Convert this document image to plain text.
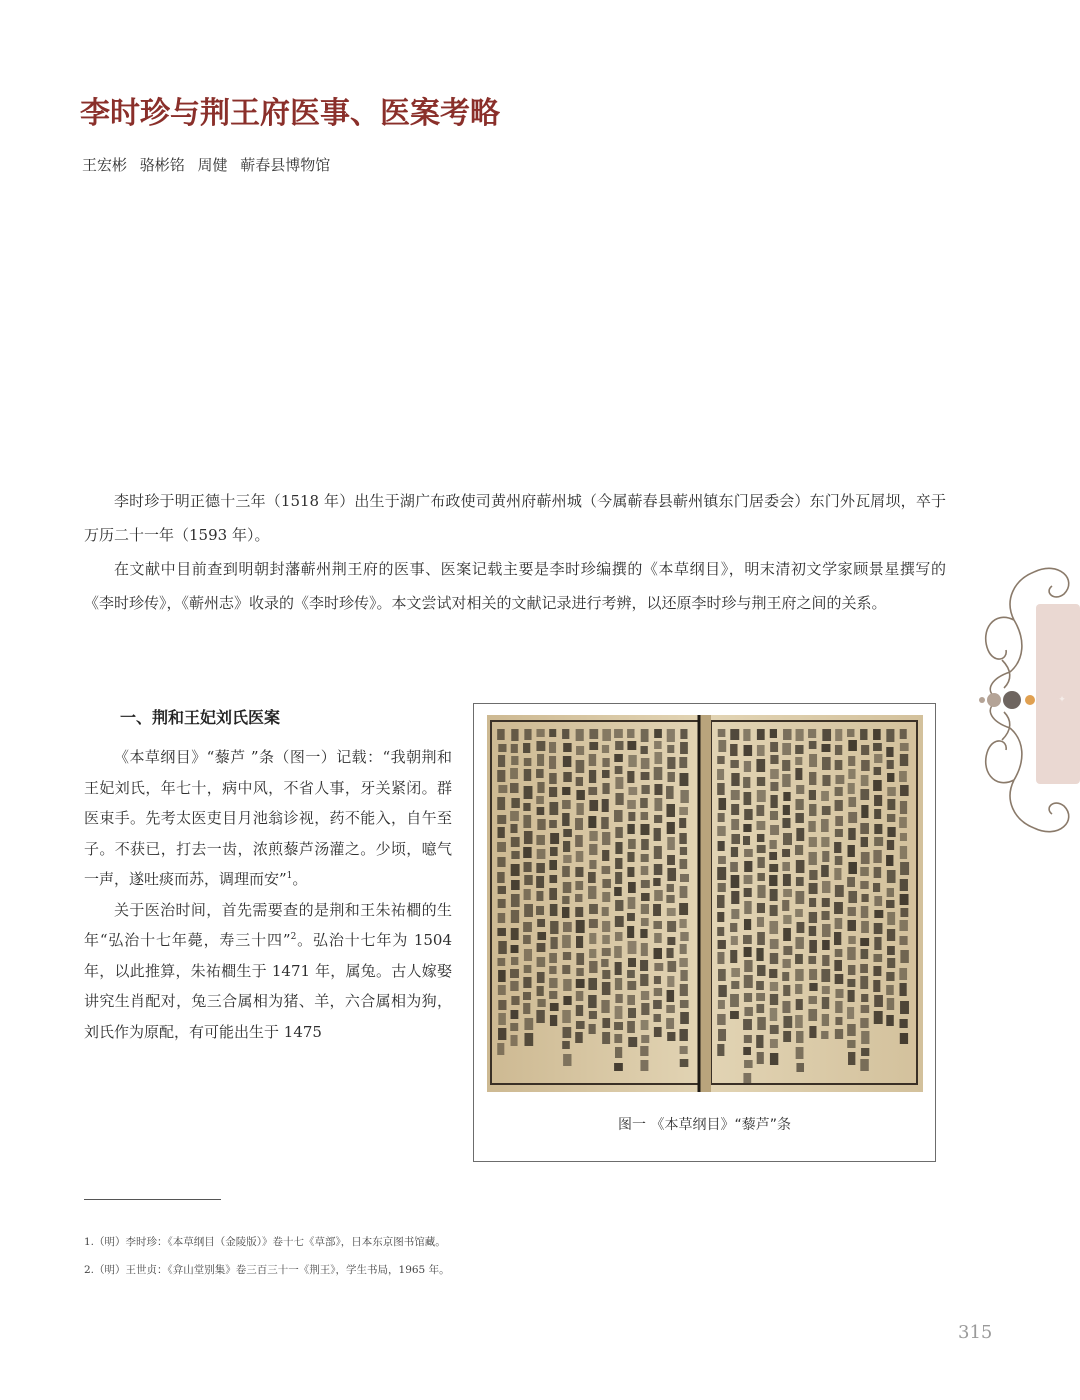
李时珍与荆王府医事、医案考略
王宏彬 骆彬铭 周健 蕲春县博物馆

李时珍于明正德十三年（1518 年）出生于湖广布政使司黄州府蕲州城（今属蕲春县蕲州镇东门居委会）东门外瓦屑坝，卒于万历二十一年（1593 年）。

在文献中目前查到明朝封藩蕲州荆王府的医事、医案记载主要是李时珍编撰的《本草纲目》，明末清初文学家顾景星撰写的《李时珍传》，《蕲州志》收录的《李时珍传》。本文尝试对相关的文献记录进行考辨，以还原李时珍与荆王府之间的关系。

一、荆和王妃刘氏医案

《本草纲目》“藜芦 ”条（图一）记载：“我朝荆和王妃刘氏，年七十，病中风，不省人事，牙关紧闭。群医束手。先考太医吏目月池翁诊视，药不能入，自午至子。不获已，打去一齿，浓煎藜芦汤灌之。少顷，噫气一声，遂吐痰而苏，调理而安”$^1$。

关于医治时间，首先需要查的是荆和王朱祐橺的生年“弘治十七年薨，寿三十四”$^2$。弘治十七年为 1504 年，以此推算，朱祐橺生于 1471 年，属兔。古人嫁娶讲究生肖配对，兔三合属相为猪、羊，六合属相为狗，刘氏作为原配，有可能出生于 1475

图一 《本草纲目》“藜芦”条
1.（明）李时珍：《本草纲目（金陵版）》卷十七《草部》，日本东京图书馆藏。
2.（明）王世贞：《弇山堂别集》卷三百三十一《荆王》，学生书局，1965 年。
315
✦
